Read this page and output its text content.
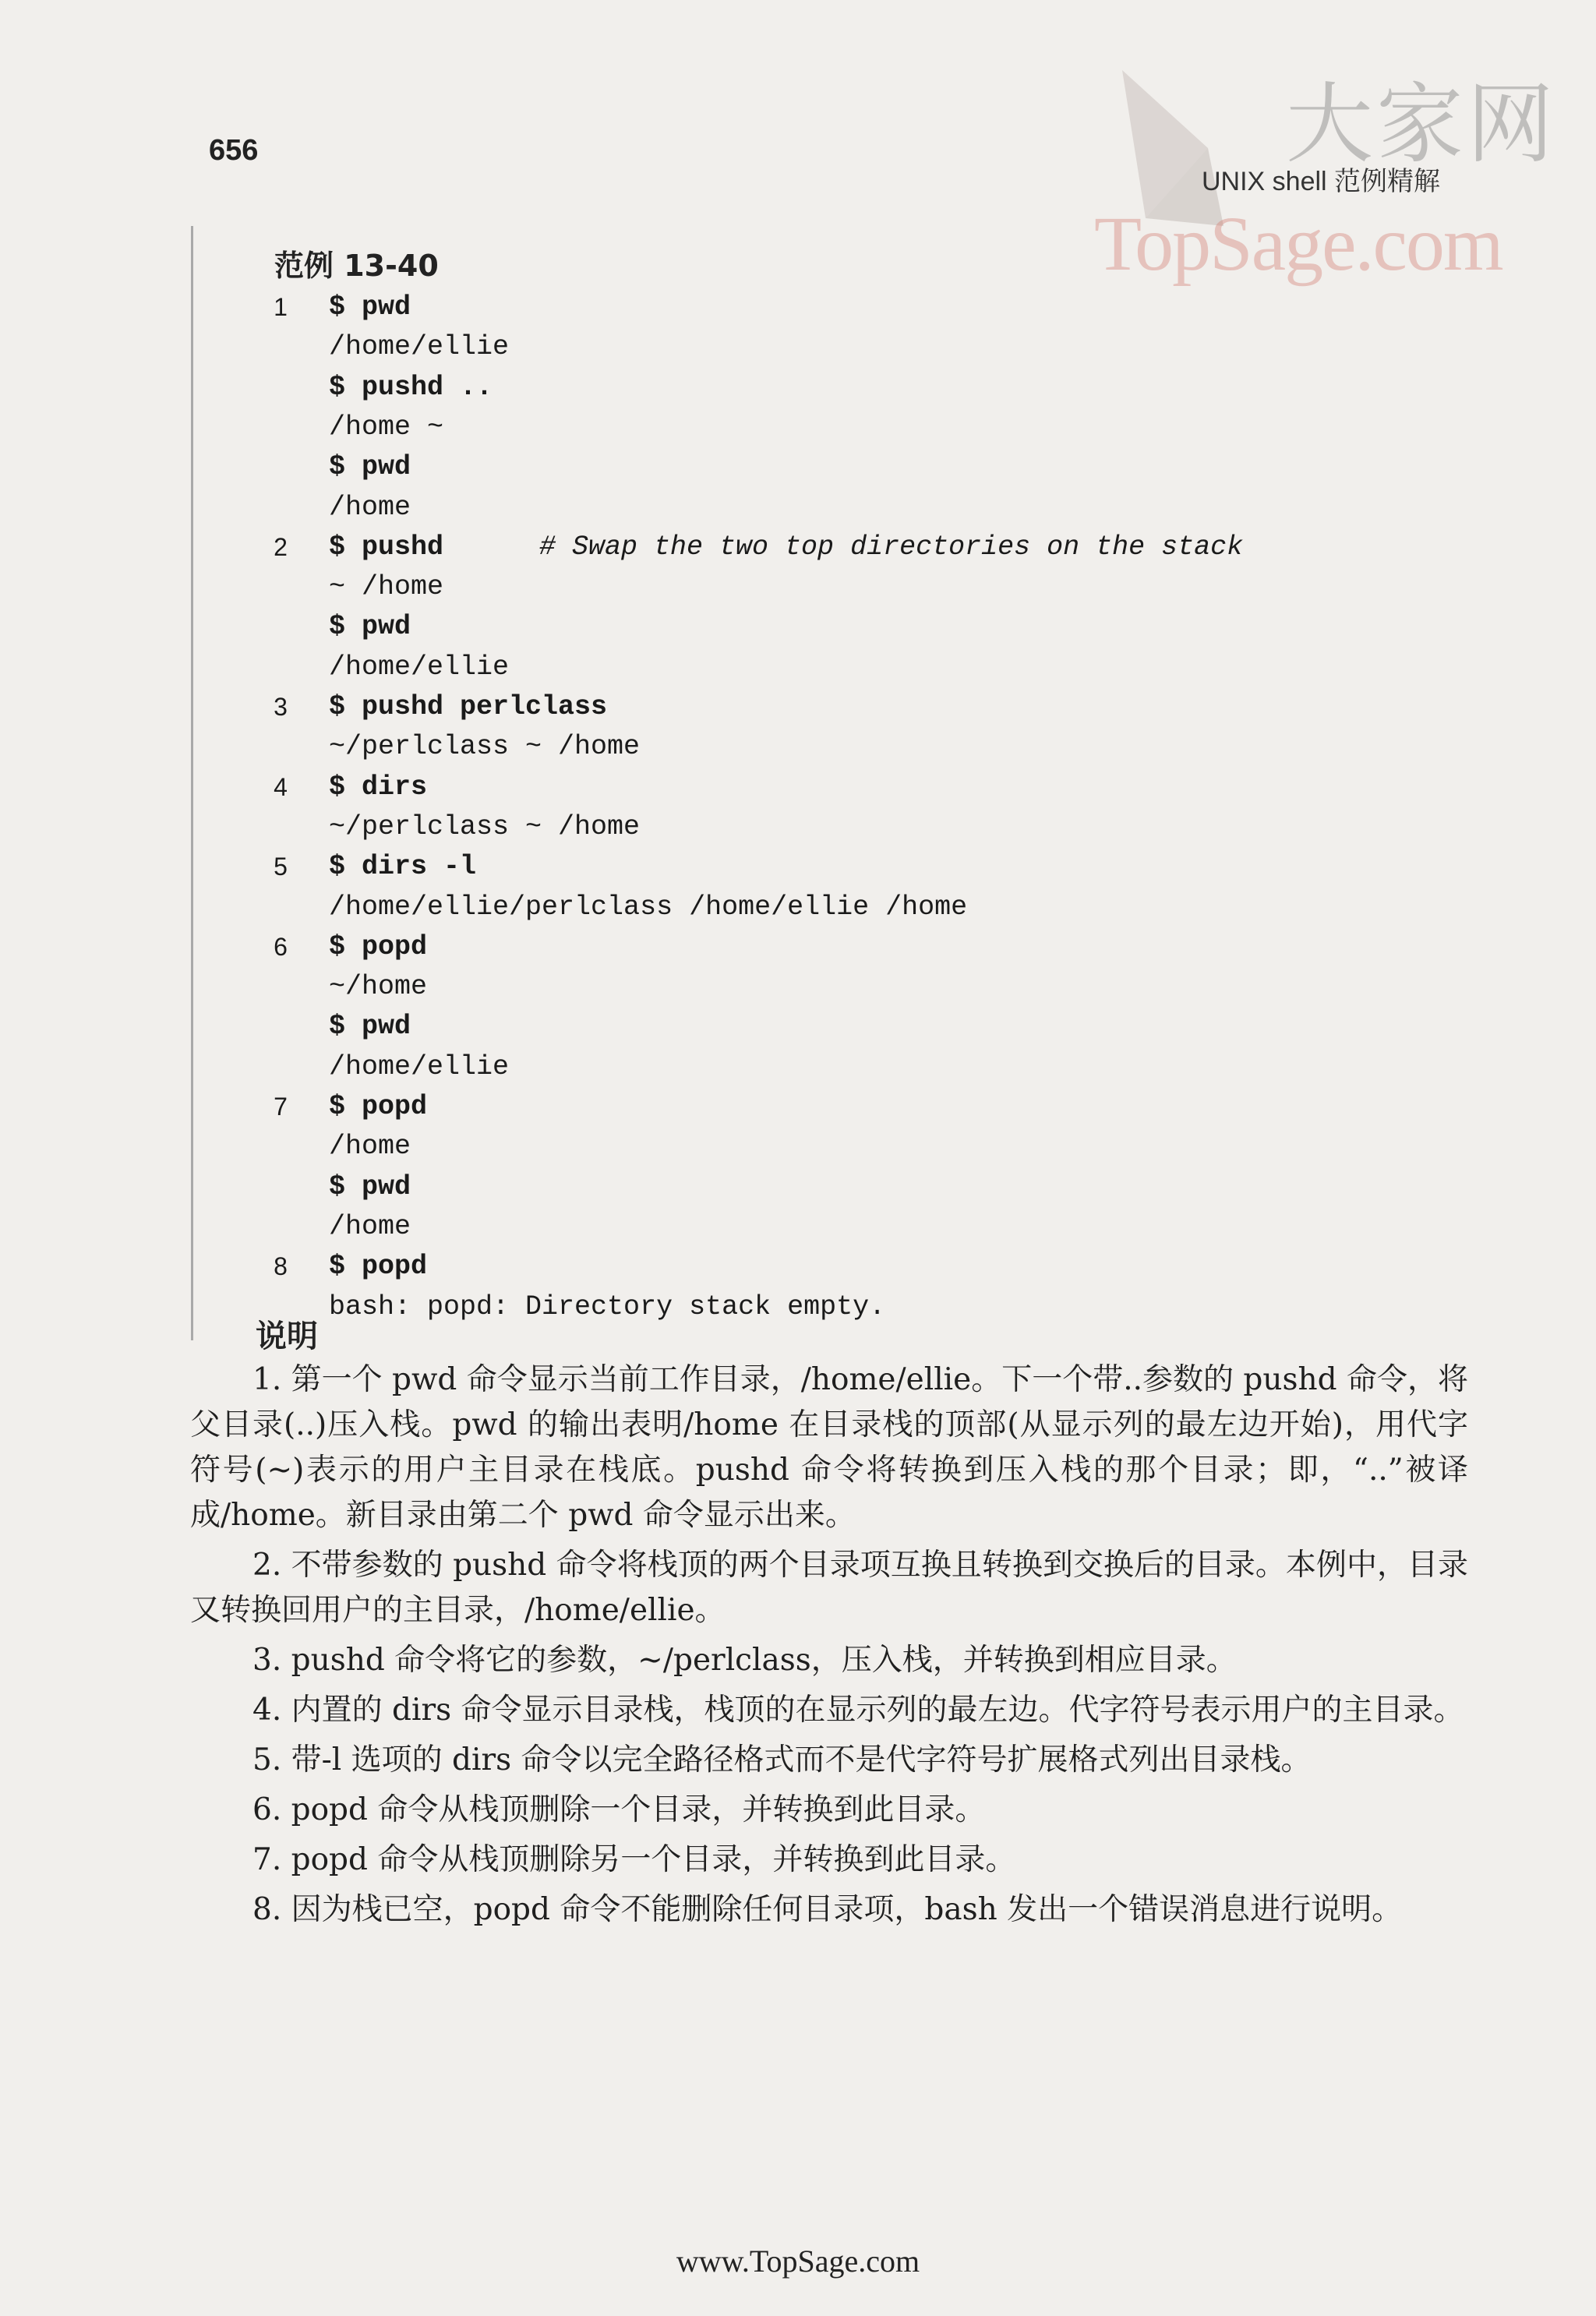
656	大家网
TopSage.com
UNIX shell 范例精解
范例 13-40
1	$ pwd
/home/ellie
$ pushd ..
/home ~
$ pwd
/home
2	$ pushd	# Swap the two top directories on the stack
~ /home
$ pwd
/home/ellie
3	$ pushd perlclass
~/perlclass ~ /home
4	$ dirs
~/perlclass ~ /home
5	$ dirs -l
/home/ellie/perlclass /home/ellie /home
6	$ popd
~/home
$ pwd
/home/ellie
7	$ popd
/home
$ pwd
/home
8	$ popd
bash: popd: Directory stack empty.
说明

1. 第一个 pwd 命令显示当前工作目录，/home/ellie。下一个带..参数的 pushd 命令，将父目录(..)压入栈。pwd 的输出表明/home 在目录栈的顶部(从显示列的最左边开始)，用代字符号(~)表示的用户主目录在栈底。pushd 命令将转换到压入栈的那个目录；即，“..”被译成/home。新目录由第二个 pwd 命令显示出来。

2. 不带参数的 pushd 命令将栈顶的两个目录项互换且转换到交换后的目录。本例中，目录又转换回用户的主目录，/home/ellie。

3. pushd 命令将它的参数，~/perlclass，压入栈，并转换到相应目录。

4. 内置的 dirs 命令显示目录栈，栈顶的在显示列的最左边。代字符号表示用户的主目录。

5. 带-l 选项的 dirs 命令以完全路径格式而不是代字符号扩展格式列出目录栈。

6. popd 命令从栈顶删除一个目录，并转换到此目录。

7. popd 命令从栈顶删除另一个目录，并转换到此目录。

8. 因为栈已空，popd 命令不能删除任何目录项，bash 发出一个错误消息进行说明。

www.TopSage.com
